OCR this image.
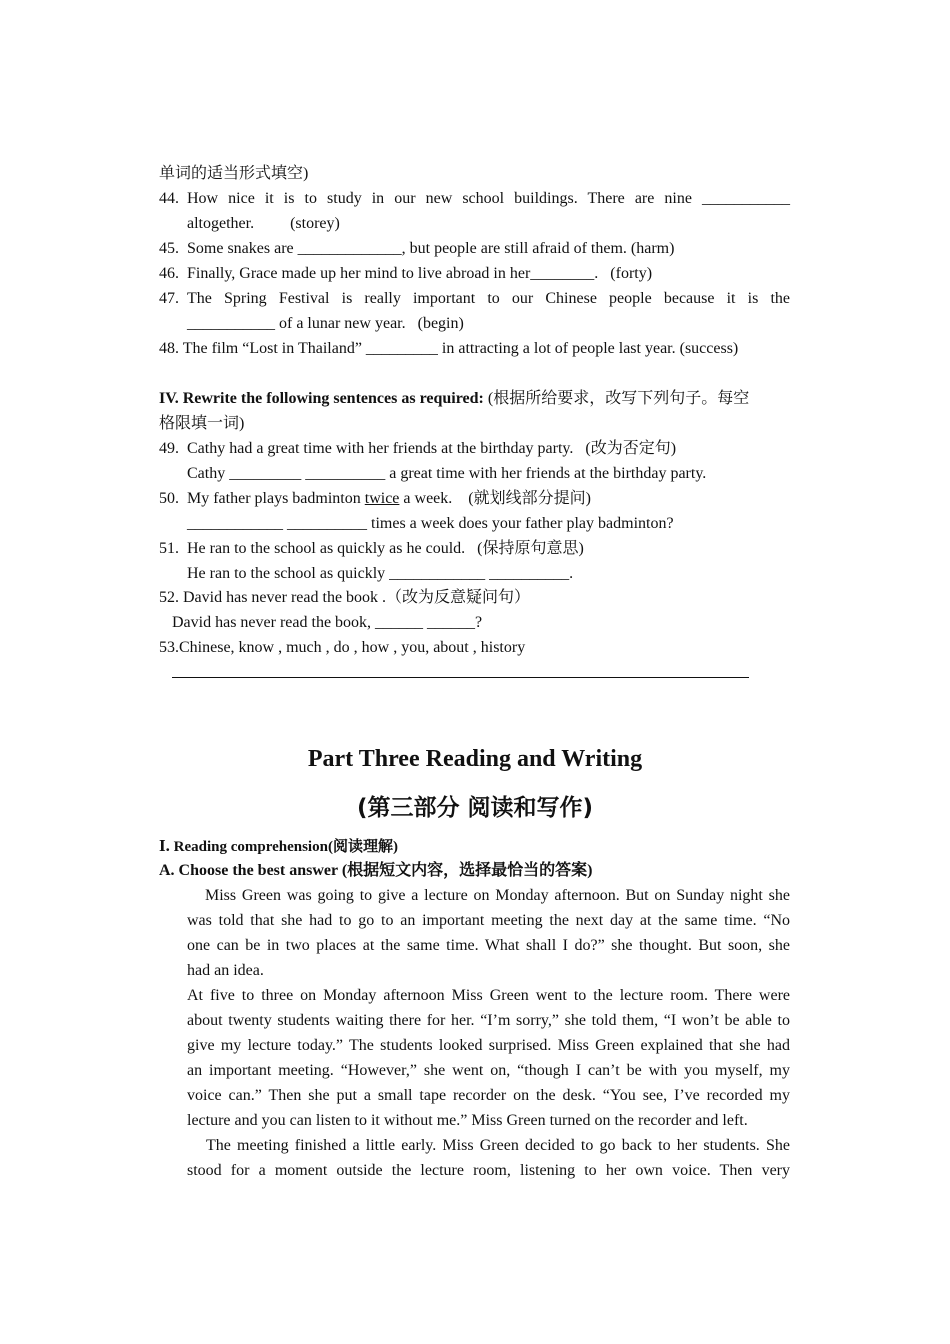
单词的适当形式填空)
44. How nice it is to study in our new school buildings. There are nine ___________
altogether.         (storey)
45. Some snakes are _____________, but people are still afraid of them. (harm)
46. Finally, Grace made up her mind to live abroad in her________.   (forty)
47. The Spring Festival is really important to our Chinese people because it is the
___________ of a lunar new year.   (begin)
48. The film “Lost in Thailand” _________ in attracting a lot of people last year. (success)
IV. Rewrite the following sentences as required: (根据所给要求，改写下列句子。每空
格限填一词)
49. Cathy had a great time with her friends at the birthday party.   (改为否定句)
Cathy _________ __________ a great time with her friends at the birthday party.
50. My father plays badminton twice a week.    (就划线部分提问)
____________ __________ times a week does your father play badminton?
51. He ran to the school as quickly as he could.   (保持原句意思)
He ran to the school as quickly ____________ __________.
52. David has never read the book .（改为反意疑问句）
David has never read the book, ______ ______?
53.Chinese, know , much , do , how , you, about , history
Part Three Reading and Writing
(第三部分 阅读和写作)
I. Reading comprehension(阅读理解)
A. Choose the best answer (根据短文内容，选择最恰当的答案)
Miss Green was going to give a lecture on Monday afternoon. But on Sunday night she
was told that she had to go to an important meeting the next day at the same time. “No
one can be in two places at the same time. What shall I do?” she thought. But soon, she
had an idea.
At five to three on Monday afternoon Miss Green went to the lecture room. There were
about twenty students waiting there for her. “I’m sorry,” she told them, “I won’t be able to
give my lecture today.” The students looked surprised. Miss Green explained that she had
an important meeting. “However,” she went on, “though I can’t be with you myself, my
voice can.” Then she put a small tape recorder on the desk. “You see, I’ve recorded my
lecture and you can listen to it without me.” Miss Green turned on the recorder and left.
The meeting finished a little early. Miss Green decided to go back to her students. She
stood for a moment outside the lecture room, listening to her own voice. Then very
